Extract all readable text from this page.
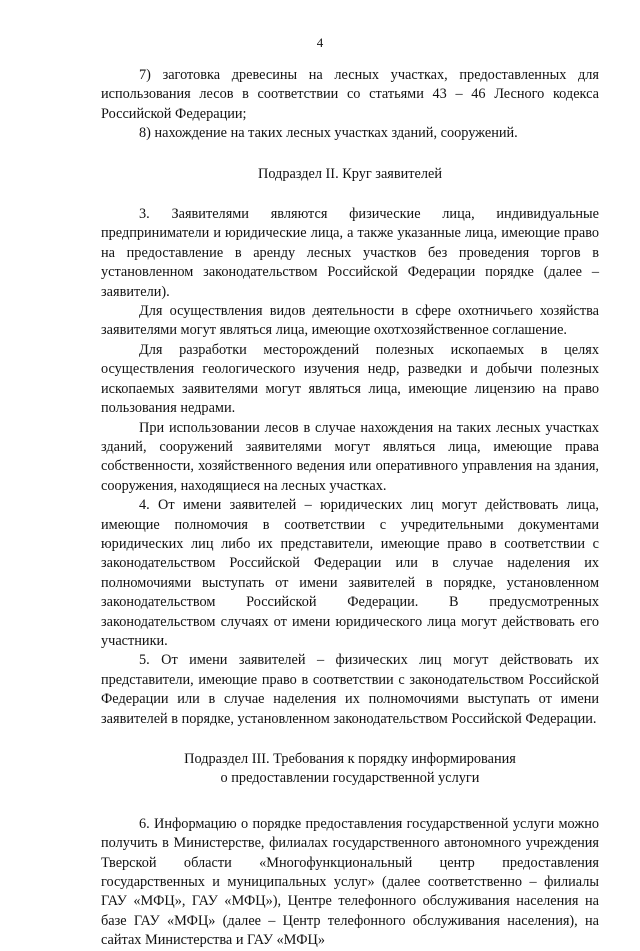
4

7) заготовка древесины на лесных участках, предоставленных для использования лесов в соответствии со статьями 43 – 46 Лесного кодекса Российской Федерации;

8) нахождение на таких лесных участках зданий, сооружений.

Подраздел II. Круг заявителей

3. Заявителями являются физические лица, индивидуальные предприниматели и юридические лица, а также указанные лица, имеющие право на предоставление в аренду лесных участков без проведения торгов в установленном законодательством Российской Федерации порядке (далее – заявители).

Для осуществления видов деятельности в сфере охотничьего хозяйства заявителями могут являться лица, имеющие охотхозяйственное соглашение.

Для разработки месторождений полезных ископаемых в целях осуществления геологического изучения недр, разведки и добычи полезных ископаемых заявителями могут являться лица, имеющие лицензию на право пользования недрами.

При использовании лесов в случае нахождения на таких лесных участках зданий, сооружений заявителями могут являться лица, имеющие права собственности, хозяйственного ведения или оперативного управления на здания, сооружения, находящиеся на лесных участках.

4. От имени заявителей – юридических лиц могут действовать лица, имеющие полномочия в соответствии с учредительными документами юридических лиц либо их представители, имеющие право в соответствии с законодательством Российской Федерации или в случае наделения их полномочиями выступать от имени заявителей в порядке, установленном законодательством Российской Федерации. В предусмотренных законодательством случаях от имени юридического лица могут действовать его участники.

5. От имени заявителей – физических лиц могут действовать их представители, имеющие право в соответствии с законодательством Российской Федерации или в случае наделения их полномочиями выступать от имени заявителей в порядке, установленном законодательством Российской Федерации.

Подраздел III. Требования к порядку информирования

о предоставлении государственной услуги

6. Информацию о порядке предоставления государственной услуги можно получить в Министерстве, филиалах государственного автономного учреждения Тверской области «Многофункциональный центр предоставления государственных и муниципальных услуг» (далее соответственно – филиалы ГАУ «МФЦ», ГАУ «МФЦ»), Центре телефонного обслуживания населения на базе ГАУ «МФЦ» (далее – Центр телефонного обслуживания населения), на сайтах Министерства и ГАУ «МФЦ»
